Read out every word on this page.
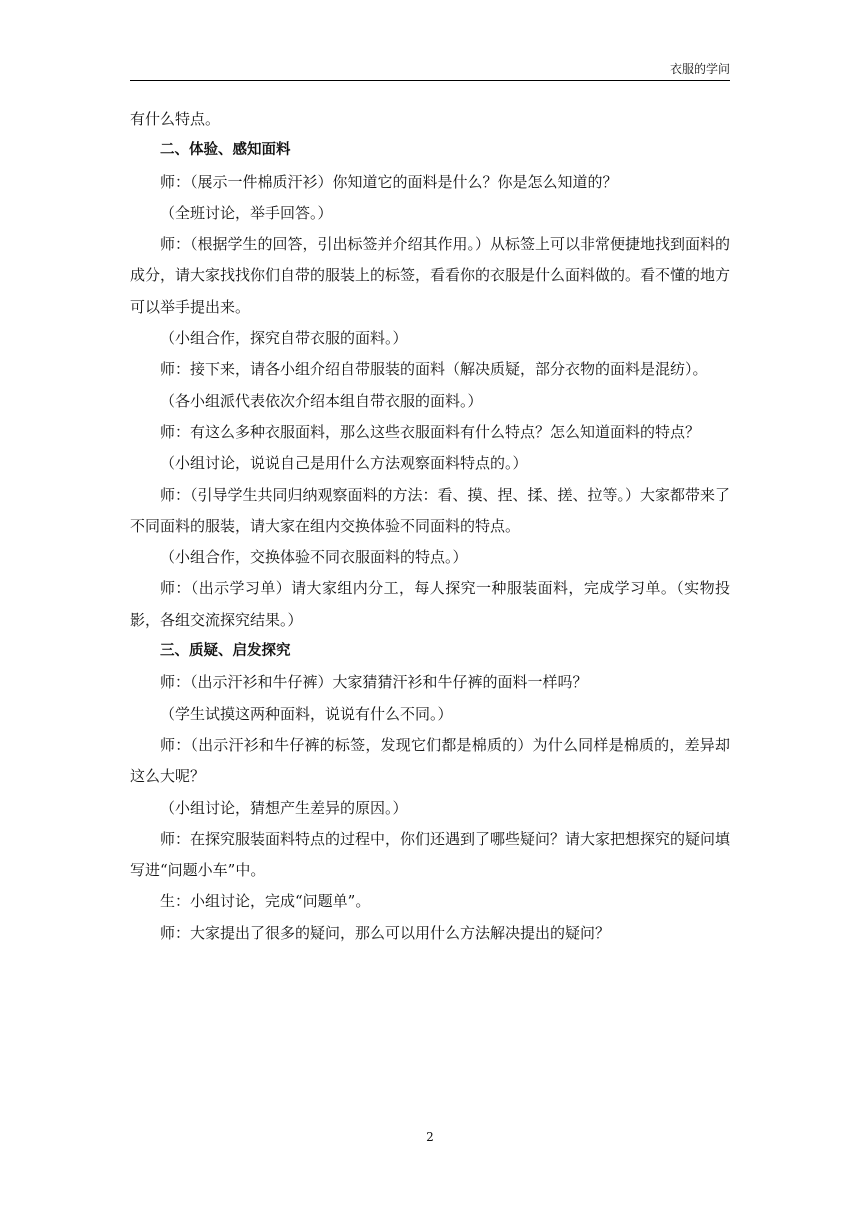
衣服的学问

有什么特点。

二、体验、感知面料

师：（展示一件棉质汗衫）你知道它的面料是什么？你是怎么知道的？

（全班讨论，举手回答。）

师：（根据学生的回答，引出标签并介绍其作用。）从标签上可以非常便捷地找到面料的成分，请大家找找你们自带的服装上的标签，看看你的衣服是什么面料做的。看不懂的地方可以举手提出来。

（小组合作，探究自带衣服的面料。）

师：接下来，请各小组介绍自带服装的面料（解决质疑，部分衣物的面料是混纺）。

（各小组派代表依次介绍本组自带衣服的面料。）

师：有这么多种衣服面料，那么这些衣服面料有什么特点？怎么知道面料的特点？

（小组讨论，说说自己是用什么方法观察面料特点的。）

师：（引导学生共同归纳观察面料的方法：看、摸、捏、揉、搓、拉等。）大家都带来了不同面料的服装，请大家在组内交换体验不同面料的特点。

（小组合作，交换体验不同衣服面料的特点。）

师：（出示学习单）请大家组内分工，每人探究一种服装面料，完成学习单。（实物投影，各组交流探究结果。）

三、质疑、启发探究

师：（出示汗衫和牛仔裤）大家猜猜汗衫和牛仔裤的面料一样吗？

（学生试摸这两种面料，说说有什么不同。）

师：（出示汗衫和牛仔裤的标签，发现它们都是棉质的）为什么同样是棉质的，差异却这么大呢？

（小组讨论，猜想产生差异的原因。）

师：在探究服装面料特点的过程中，你们还遇到了哪些疑问？请大家把想探究的疑问填写进“问题小车”中。

生：小组讨论，完成“问题单”。

师：大家提出了很多的疑问，那么可以用什么方法解决提出的疑问？

2
